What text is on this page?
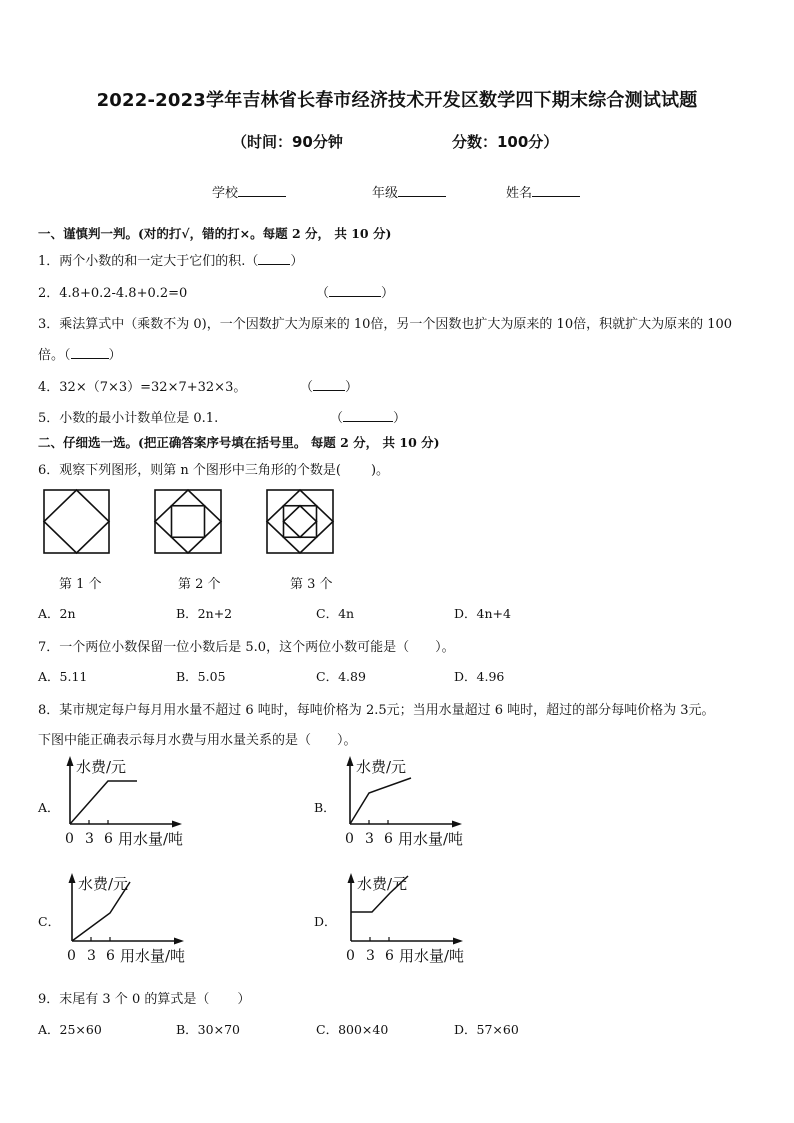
2022-2023学年吉林省长春市经济技术开发区数学四下期末综合测试试题
（时间：90分钟	分数：100分）
学校	年级	姓名
一、谨慎判一判。(对的打√，错的打×。每题 2 分， 共 10 分)
1．两个小数的和一定大于它们的积.（ ）
2．4.8+0.2-4.8+0.2=0	（	）
3．乘法算式中（乘数不为 0)，一个因数扩大为原来的 10倍，另一个因数也扩大为原来的 10倍，积就扩大为原来的 100
倍。（	）
4．32×（7×3）=32×7+32×3。	（ ）
5．小数的最小计数单位是 0.1.	（	）
二、仔细选一选。(把正确答案序号填在括号里。 每题 2 分， 共 10 分)
6．观察下列图形，则第 n 个图形中三角形的个数是( )。
第 1 个	第 2 个	第 3 个
A．2n	B．2n+2	C．4n	D．4n+4
7．一个两位小数保留一位小数后是 5.0，这个两位小数可能是（ ）。
A．5.11	B．5.05	C．4.89	D．4.96
8．某市规定每户每月用水量不超过 6 吨时，每吨价格为 2.5元；当用水量超过 6 吨时，超过的部分每吨价格为 3元。
下图中能正确表示每月水费与用水量关系的是（ ）。
A．	B．
C．	D．
水费/元
用水量/吨
0 3 6
水费/元
用水量/吨
0 3 6
水费/元
用水量/吨
0 3 6
水费/元
用水量/吨
0 3 6
9．末尾有 3 个 0 的算式是（ ）
A．25×60	B．30×70	C．800×40	D．57×60
